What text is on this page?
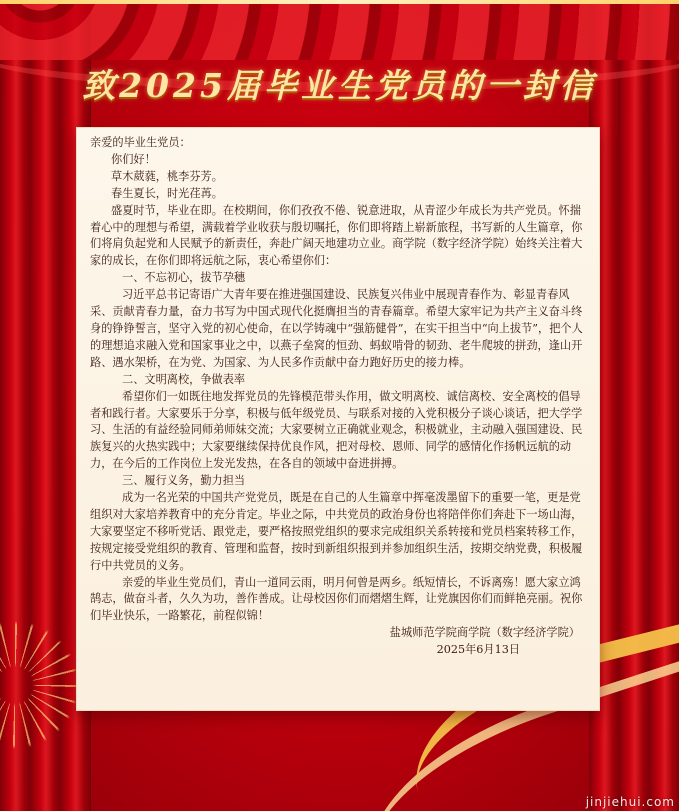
致2025届毕业生党员的一封信

亲爱的毕业生党员：

你们好！

草木葳蕤，桃李芬芳。

春生夏长，时光荏苒。

盛夏时节，毕业在即。在校期间，你们孜孜不倦、锐意进取，从青涩少年成长为共产党员。怀揣着心中的理想与希望，满载着学业收获与殷切嘱托，你们即将踏上崭新旅程，书写新的人生篇章，你们将肩负起党和人民赋予的新责任，奔赴广阔天地建功立业。商学院（数字经济学院）始终关注着大家的成长，在你们即将远航之际，衷心希望你们：

一、不忘初心，拔节孕穗

习近平总书记寄语广大青年要在推进强国建设、民族复兴伟业中展现青春作为、彰显青春风采、贡献青春力量，奋力书写为中国式现代化挺膺担当的青春篇章。希望大家牢记为共产主义奋斗终身的铮铮誓言，坚守入党的初心使命，在以学铸魂中“强筋健骨”，在实干担当中“向上拔节”，把个人的理想追求融入党和国家事业之中，以燕子垒窝的恒劲、蚂蚁啃骨的韧劲、老牛爬坡的拼劲，逢山开路、遇水架桥，在为党、为国家、为人民多作贡献中奋力跑好历史的接力棒。

二、文明离校，争做表率

希望你们一如既往地发挥党员的先锋模范带头作用，做文明离校、诚信离校、安全离校的倡导者和践行者。大家要乐于分享，积极与低年级党员、与联系对接的入党积极分子谈心谈话，把大学学习、生活的有益经验同师弟师妹交流；大家要树立正确就业观念，积极就业，主动融入强国建设、民族复兴的火热实践中；大家要继续保持优良作风，把对母校、恩师、同学的感情化作扬帆远航的动力，在今后的工作岗位上发光发热，在各自的领域中奋进拼搏。

三、履行义务，勤力担当

成为一名光荣的中国共产党党员，既是在自己的人生篇章中挥毫泼墨留下的重要一笔，更是党组织对大家培养教育中的充分肯定。毕业之际，中共党员的政治身份也将陪伴你们奔赴下一场山海，大家要坚定不移听党话、跟党走，要严格按照党组织的要求完成组织关系转接和党员档案转移工作，按规定接受党组织的教育、管理和监督，按时到新组织报到并参加组织生活，按期交纳党费，积极履行中共党员的义务。

亲爱的毕业生党员们，青山一道同云雨，明月何曾是两乡。纸短情长，不诉离殇！愿大家立鸿鹄志，做奋斗者，久久为功，善作善成。让母校因你们而熠熠生辉，让党旗因你们而鲜艳亮丽。祝你们毕业快乐，一路繁花，前程似锦！

盐城师范学院商学院（数字经济学院）

2025年6月13日

jinjiehui.com
